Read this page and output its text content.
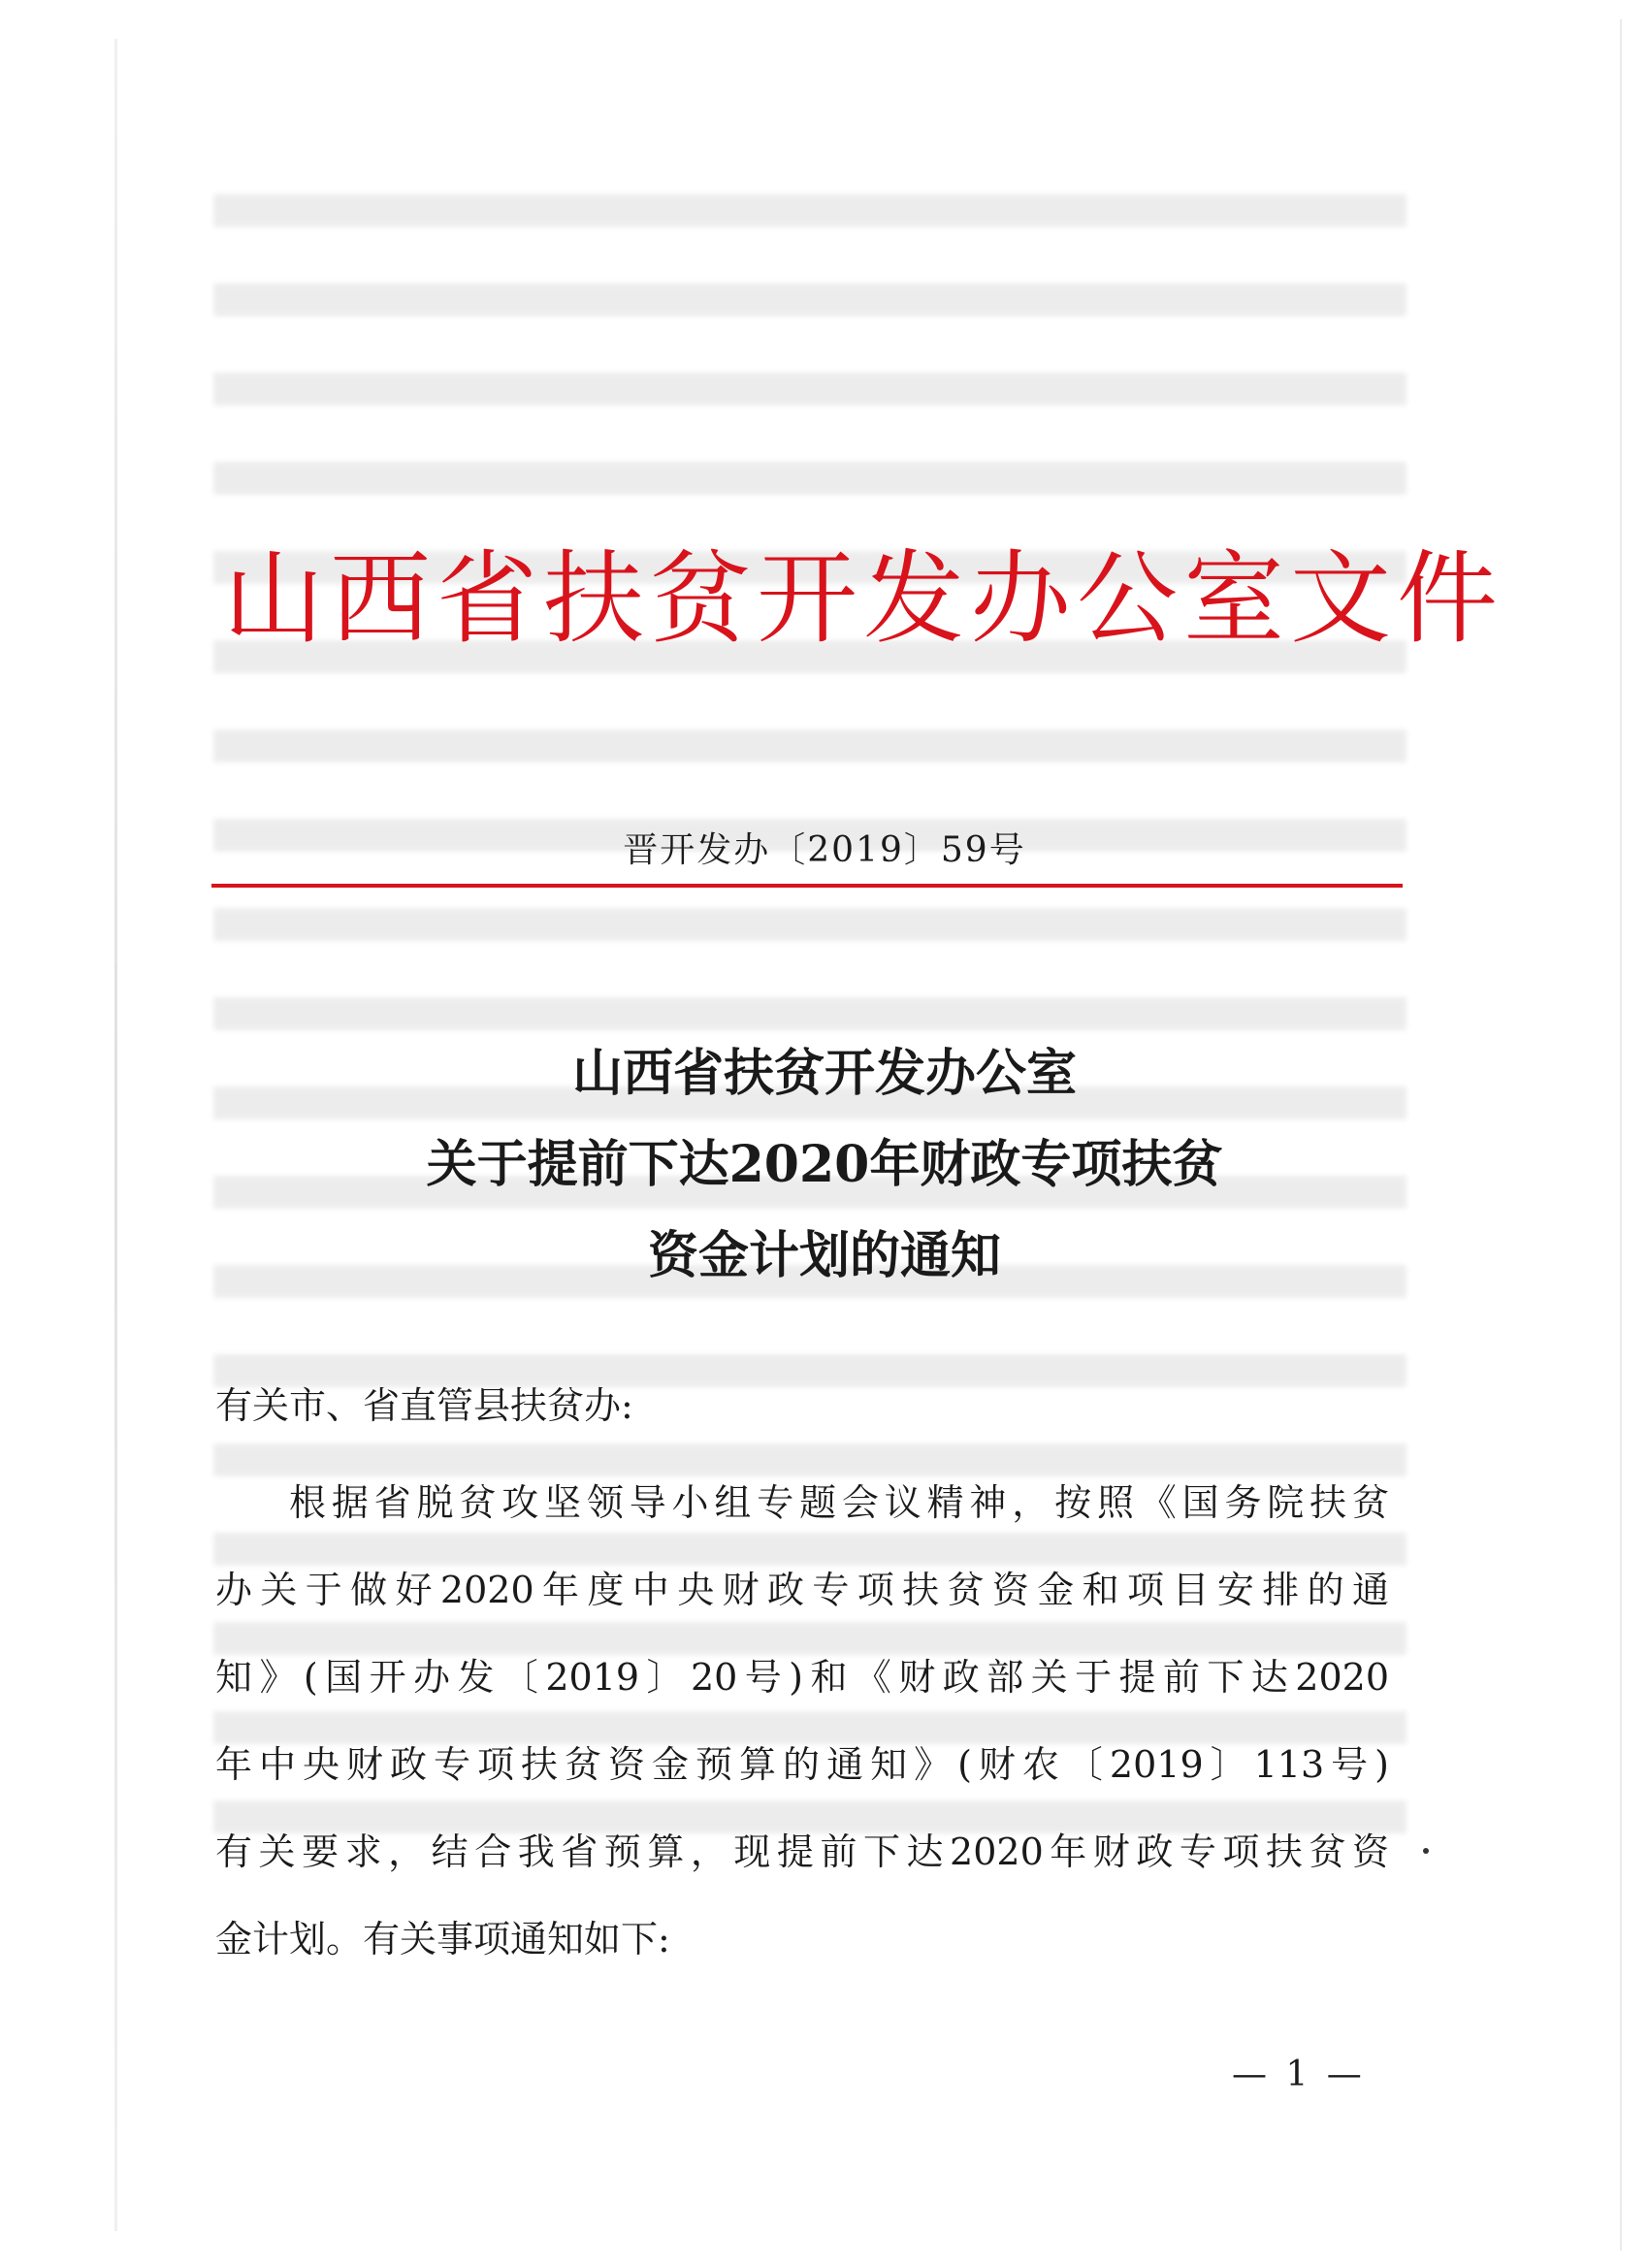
山西省扶贫开发办公室文件
晋开发办〔2019〕59号
山西省扶贫开发办公室
关于提前下达2020年财政专项扶贫
资金计划的通知
有关市、省直管县扶贫办:
根据省脱贫攻坚领导小组专题会议精神，按照《国务院扶贫
办关于做好2020年度中央财政专项扶贫资金和项目安排的通
知》(国开办发〔2019〕20号)和《财政部关于提前下达2020
年中央财政专项扶贫资金预算的通知》(财农〔2019〕113号)
有关要求，结合我省预算，现提前下达2020年财政专项扶贫资
金计划。有关事项通知如下:
— 1 —
